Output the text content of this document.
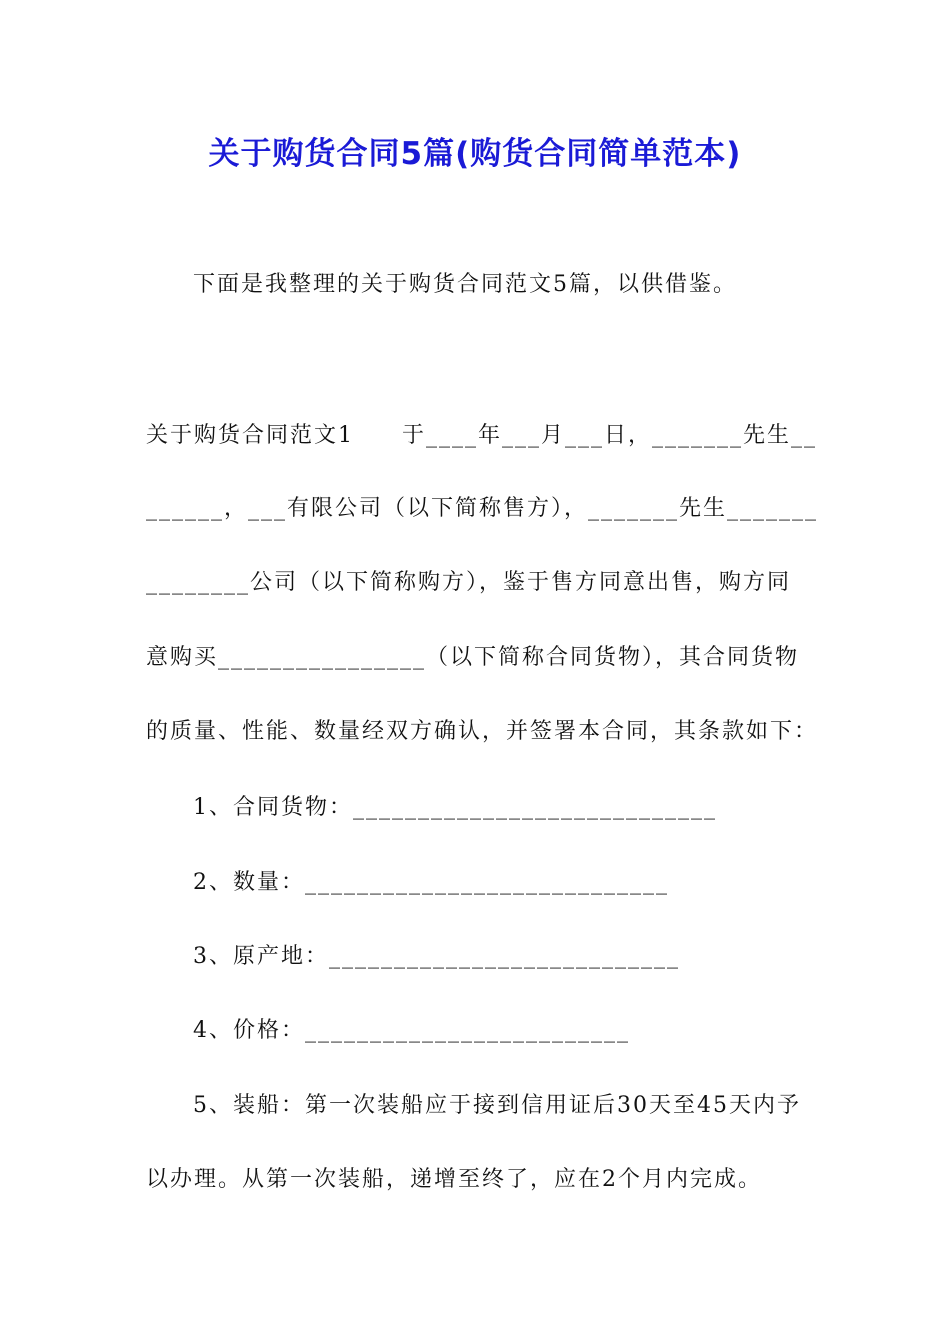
关于购货合同5篇(购货合同简单范本)
下面是我整理的关于购货合同范文5篇，以供借鉴。
关于购货合同范文1　　于____年___月___日，_______先生__
______，___有限公司（以下简称售方），_______先生_______
________公司（以下简称购方），鉴于售方同意出售，购方同
意购买________________（以下简称合同货物），其合同货物
的质量、性能、数量经双方确认，并签署本合同，其条款如下：
1、合同货物：____________________________
2、数量：____________________________
3、原产地：___________________________
4、价格：_________________________
5、装船：第一次装船应于接到信用证后30天至45天内予
以办理。从第一次装船，递增至终了，应在2个月内完成。
